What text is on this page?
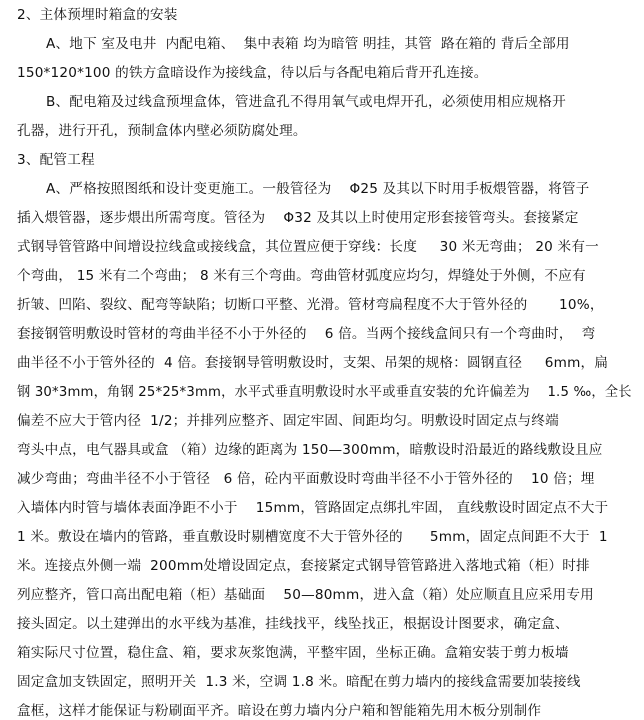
2、主体预埋时箱盒的安装
A、地下 室及电井  内配电箱、  集中表箱 均为暗管 明挂，其管  路在箱的 背后全部用
150*120*100 的铁方盒暗设作为接线盒，待以后与各配电箱后背开孔连接。
B、配电箱及过线盒预埋盒体，管进盒孔不得用氧气或电焊开孔，必须使用相应规格开
孔器，进行开孔，预制盒体内壁必须防腐处理。
3、配管工程
A、严格按照图纸和设计变更施工。一般管径为    Φ25 及其以下时用手板煨管器，将管子
插入煨管器，逐步煨出所需弯度。管径为    Φ32 及其以上时使用定形套接管弯头。套接紧定
式钢导管管路中间增设拉线盒或接线盒，其位置应便于穿线：长度     30 米无弯曲； 20 米有一
个弯曲， 15 米有二个弯曲； 8 米有三个弯曲。弯曲管材弧度应均匀，焊缝处于外侧，不应有
折皱、凹陷、裂纹、配弯等缺陷；切断口平整、光滑。管材弯扁程度不大于管外径的       10%，
套接钢管明敷设时管材的弯曲半径不小于外径的    6 倍。当两个接线盒间只有一个弯曲时，  弯
曲半径不小于管外径的  4 倍。套接钢导管明敷设时，支架、吊架的规格：圆钢直径     6mm，扁
钢 30*3mm，角钢 25*25*3mm，水平式垂直明敷设时水平或垂直安装的允许偏差为    1.5 ‰，全长
偏差不应大于管内径  1/2；并排列应整齐、固定牢固、间距均匀。明敷设时固定点与终端
弯头中点，电气器具或盒 （箱）边缘的距离为 150—300mm，暗敷设时沿最近的路线敷设且应
减少弯曲；弯曲半径不小于管径   6 倍，砼内平面敷设时弯曲半径不小于管外径的    10 倍；埋
入墙体内时管与墙体表面净距不小于    15mm，管路固定点绑扎牢固， 直线敷设时固定点不大于
1 米。敷设在墙内的管路，垂直敷设时剔槽宽度不大于管外径的      5mm，固定点间距不大于  1
米。连接点外侧一端  200mm处增设固定点，套接紧定式钢导管管路进入落地式箱（柜）时排
列应整齐，管口高出配电箱（柜）基础面    50—80mm，进入盒（箱）处应顺直且应采用专用
接头固定。以土建弹出的水平线为基准，挂线找平，线坠找正，根据设计图要求，确定盒、
箱实际尺寸位置，稳住盒、箱，要求灰浆饱满，平整牢固，坐标正确。盒箱安装于剪力板墙
固定盒加支铁固定，照明开关  1.3 米，空调 1.8 米。暗配在剪力墙内的接线盒需要加装接线
盒框，这样才能保证与粉刷面平齐。暗设在剪力墙内分户箱和智能箱先用木板分别制作
